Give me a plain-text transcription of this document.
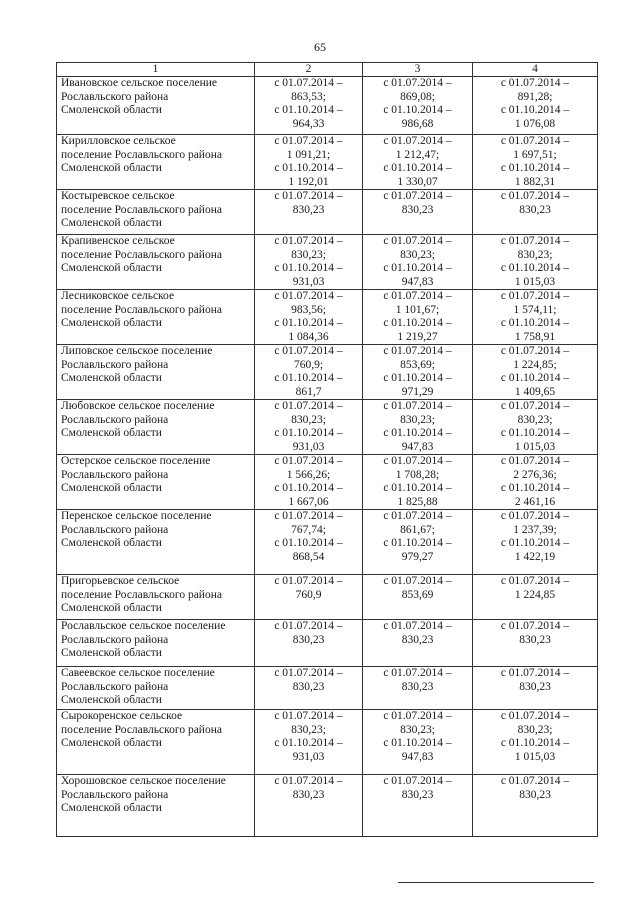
65
1	2	3	4

Ивановское сельское поселение
Рославльского района
Смоленской области	с 01.07.2014 –
863,53;
с 01.10.2014 –
964,33	с 01.07.2014 –
869,08;
с 01.10.2014 –
986,68	с 01.07.2014 –
891,28;
с 01.10.2014 –
1 076,08

Кирилловское сельское
поселение Рославльского района
Смоленской области	с 01.07.2014 –
1 091,21;
с 01.10.2014 –
1 192,01	с 01.07.2014 –
1 212,47;
с 01.10.2014 –
1 330,07	с 01.07.2014 –
1 697,51;
с 01.10.2014 –
1 882,31

Костыревское сельское
поселение Рославльского района
Смоленской области	с 01.07.2014 –
830,23	с 01.07.2014 –
830,23	с 01.07.2014 –
830,23

Крапивенское сельское
поселение Рославльского района
Смоленской области	с 01.07.2014 –
830,23;
с 01.10.2014 –
931,03	с 01.07.2014 –
830,23;
с 01.10.2014 –
947,83	с 01.07.2014 –
830,23;
с 01.10.2014 –
1 015,03

Лесниковское сельское
поселение Рославльского района
Смоленской области	с 01.07.2014 –
983,56;
с 01.10.2014 –
1 084,36	с 01.07.2014 –
1 101,67;
с 01.10.2014 –
1 219,27	с 01.07.2014 –
1 574,11;
с 01.10.2014 –
1 758,91

Липовское сельское поселение
Рославльского района
Смоленской области	с 01.07.2014 –
760,9;
с 01.10.2014 –
861,7	с 01.07.2014 –
853,69;
с 01.10.2014 –
971,29	с 01.07.2014 –
1 224,85;
с 01.10.2014 –
1 409,65

Любовское сельское поселение
Рославльского района
Смоленской области	с 01.07.2014 –
830,23;
с 01.10.2014 –
931,03	с 01.07.2014 –
830,23;
с 01.10.2014 –
947,83	с 01.07.2014 –
830,23;
с 01.10.2014 –
1 015,03

Остерское сельское поселение
Рославльского района
Смоленской области	с 01.07.2014 –
1 566,26;
с 01.10.2014 –
1 667,06	с 01.07.2014 –
1 708,28;
с 01.10.2014 –
1 825,88	с 01.07.2014 –
2 276,36;
с 01.10.2014 –
2 461,16

Перенское сельское поселение
Рославльского района
Смоленской области	с 01.07.2014 –
767,74;
с 01.10.2014 –
868,54	с 01.07.2014 –
861,67;
с 01.10.2014 –
979,27	с 01.07.2014 –
1 237,39;
с 01.10.2014 –
1 422,19

Пригорьевское сельское
поселение Рославльского района
Смоленской области	с 01.07.2014 –
760,9	с 01.07.2014 –
853,69	с 01.07.2014 –
1 224,85

Рославльское сельское поселение
Рославльского района
Смоленской области	с 01.07.2014 –
830,23	с 01.07.2014 –
830,23	с 01.07.2014 –
830,23

Савеевское сельское поселение
Рославльского района
Смоленской области	с 01.07.2014 –
830,23	с 01.07.2014 –
830,23	с 01.07.2014 –
830,23

Сырокоренское сельское
поселение Рославльского района
Смоленской области	с 01.07.2014 –
830,23;
с 01.10.2014 –
931,03	с 01.07.2014 –
830,23;
с 01.10.2014 –
947,83	с 01.07.2014 –
830,23;
с 01.10.2014 –
1 015,03

Хорошовское сельское поселение
Рославльского района
Смоленской области	с 01.07.2014 –
830,23	с 01.07.2014 –
830,23	с 01.07.2014 –
830,23
